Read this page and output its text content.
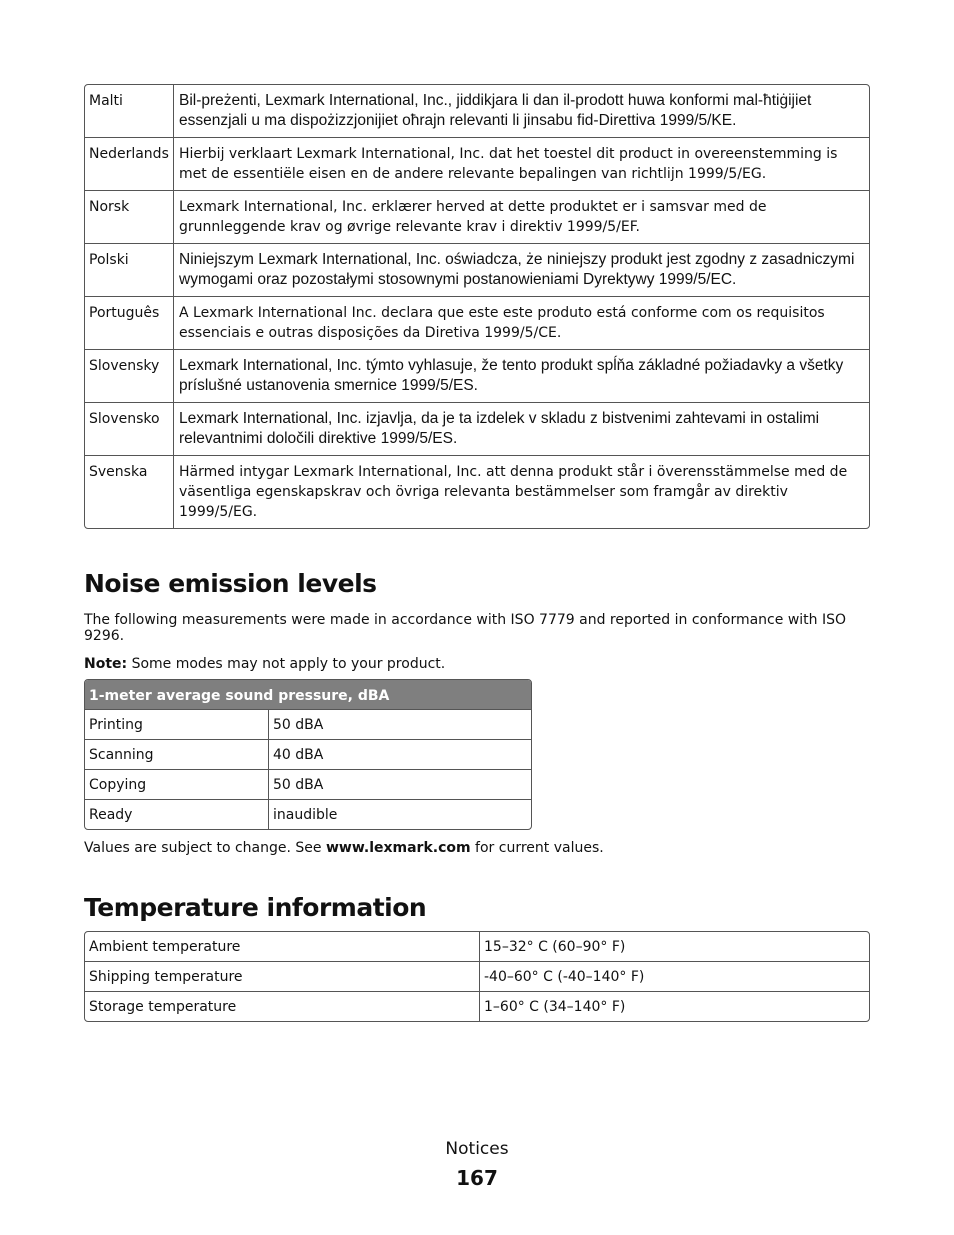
Malti	Bil-preżenti, Lexmark International, Inc., jiddikjara li dan il-prodott huwa konformi mal-ħtiġijiet essenzjali u ma dispożizzjonijiet oħrajn relevanti li jinsabu fid-Direttiva 1999/5/KE.
Nederlands	Hierbij verklaart Lexmark International, Inc. dat het toestel dit product in overeenstemming is met de essentiële eisen en de andere relevante bepalingen van richtlijn 1999/5/EG.
Norsk	Lexmark International, Inc. erklærer herved at dette produktet er i samsvar med de grunnleggende krav og øvrige relevante krav i direktiv 1999/5/EF.
Polski	Niniejszym Lexmark International, Inc. oświadcza, że niniejszy produkt jest zgodny z zasadniczymi wymogami oraz pozostałymi stosownymi postanowieniami Dyrektywy 1999/5/EC.
Português	A Lexmark International Inc. declara que este este produto está conforme com os requisitos essenciais e outras disposições da Diretiva 1999/5/CE.
Slovensky	Lexmark International, Inc. týmto vyhlasuje, že tento produkt spĺňa základné požiadavky a všetky príslušné ustanovenia smernice 1999/5/ES.
Slovensko	Lexmark International, Inc. izjavlja, da je ta izdelek v skladu z bistvenimi zahtevami in ostalimi relevantnimi določili direktive 1999/5/ES.
Svenska	Härmed intygar Lexmark International, Inc. att denna produkt står i överensstämmelse med de väsentliga egenskapskrav och övriga relevanta bestämmelser som framgår av direktiv 1999/5/EG.
Noise emission levels

The following measurements were made in accordance with ISO 7779 and reported in conformance with ISO 9296.

Note: Some modes may not apply to your product.

1-meter average sound pressure, dBA	
Printing	50 dBA
Scanning	40 dBA
Copying	50 dBA
Ready	inaudible

Values are subject to change. See www.lexmark.com for current values.

Temperature information
Ambient temperature	15–32° C (60–90° F)
Shipping temperature	-40–60° C (-40–140° F)
Storage temperature	1–60° C (34–140° F)
Notices
167
